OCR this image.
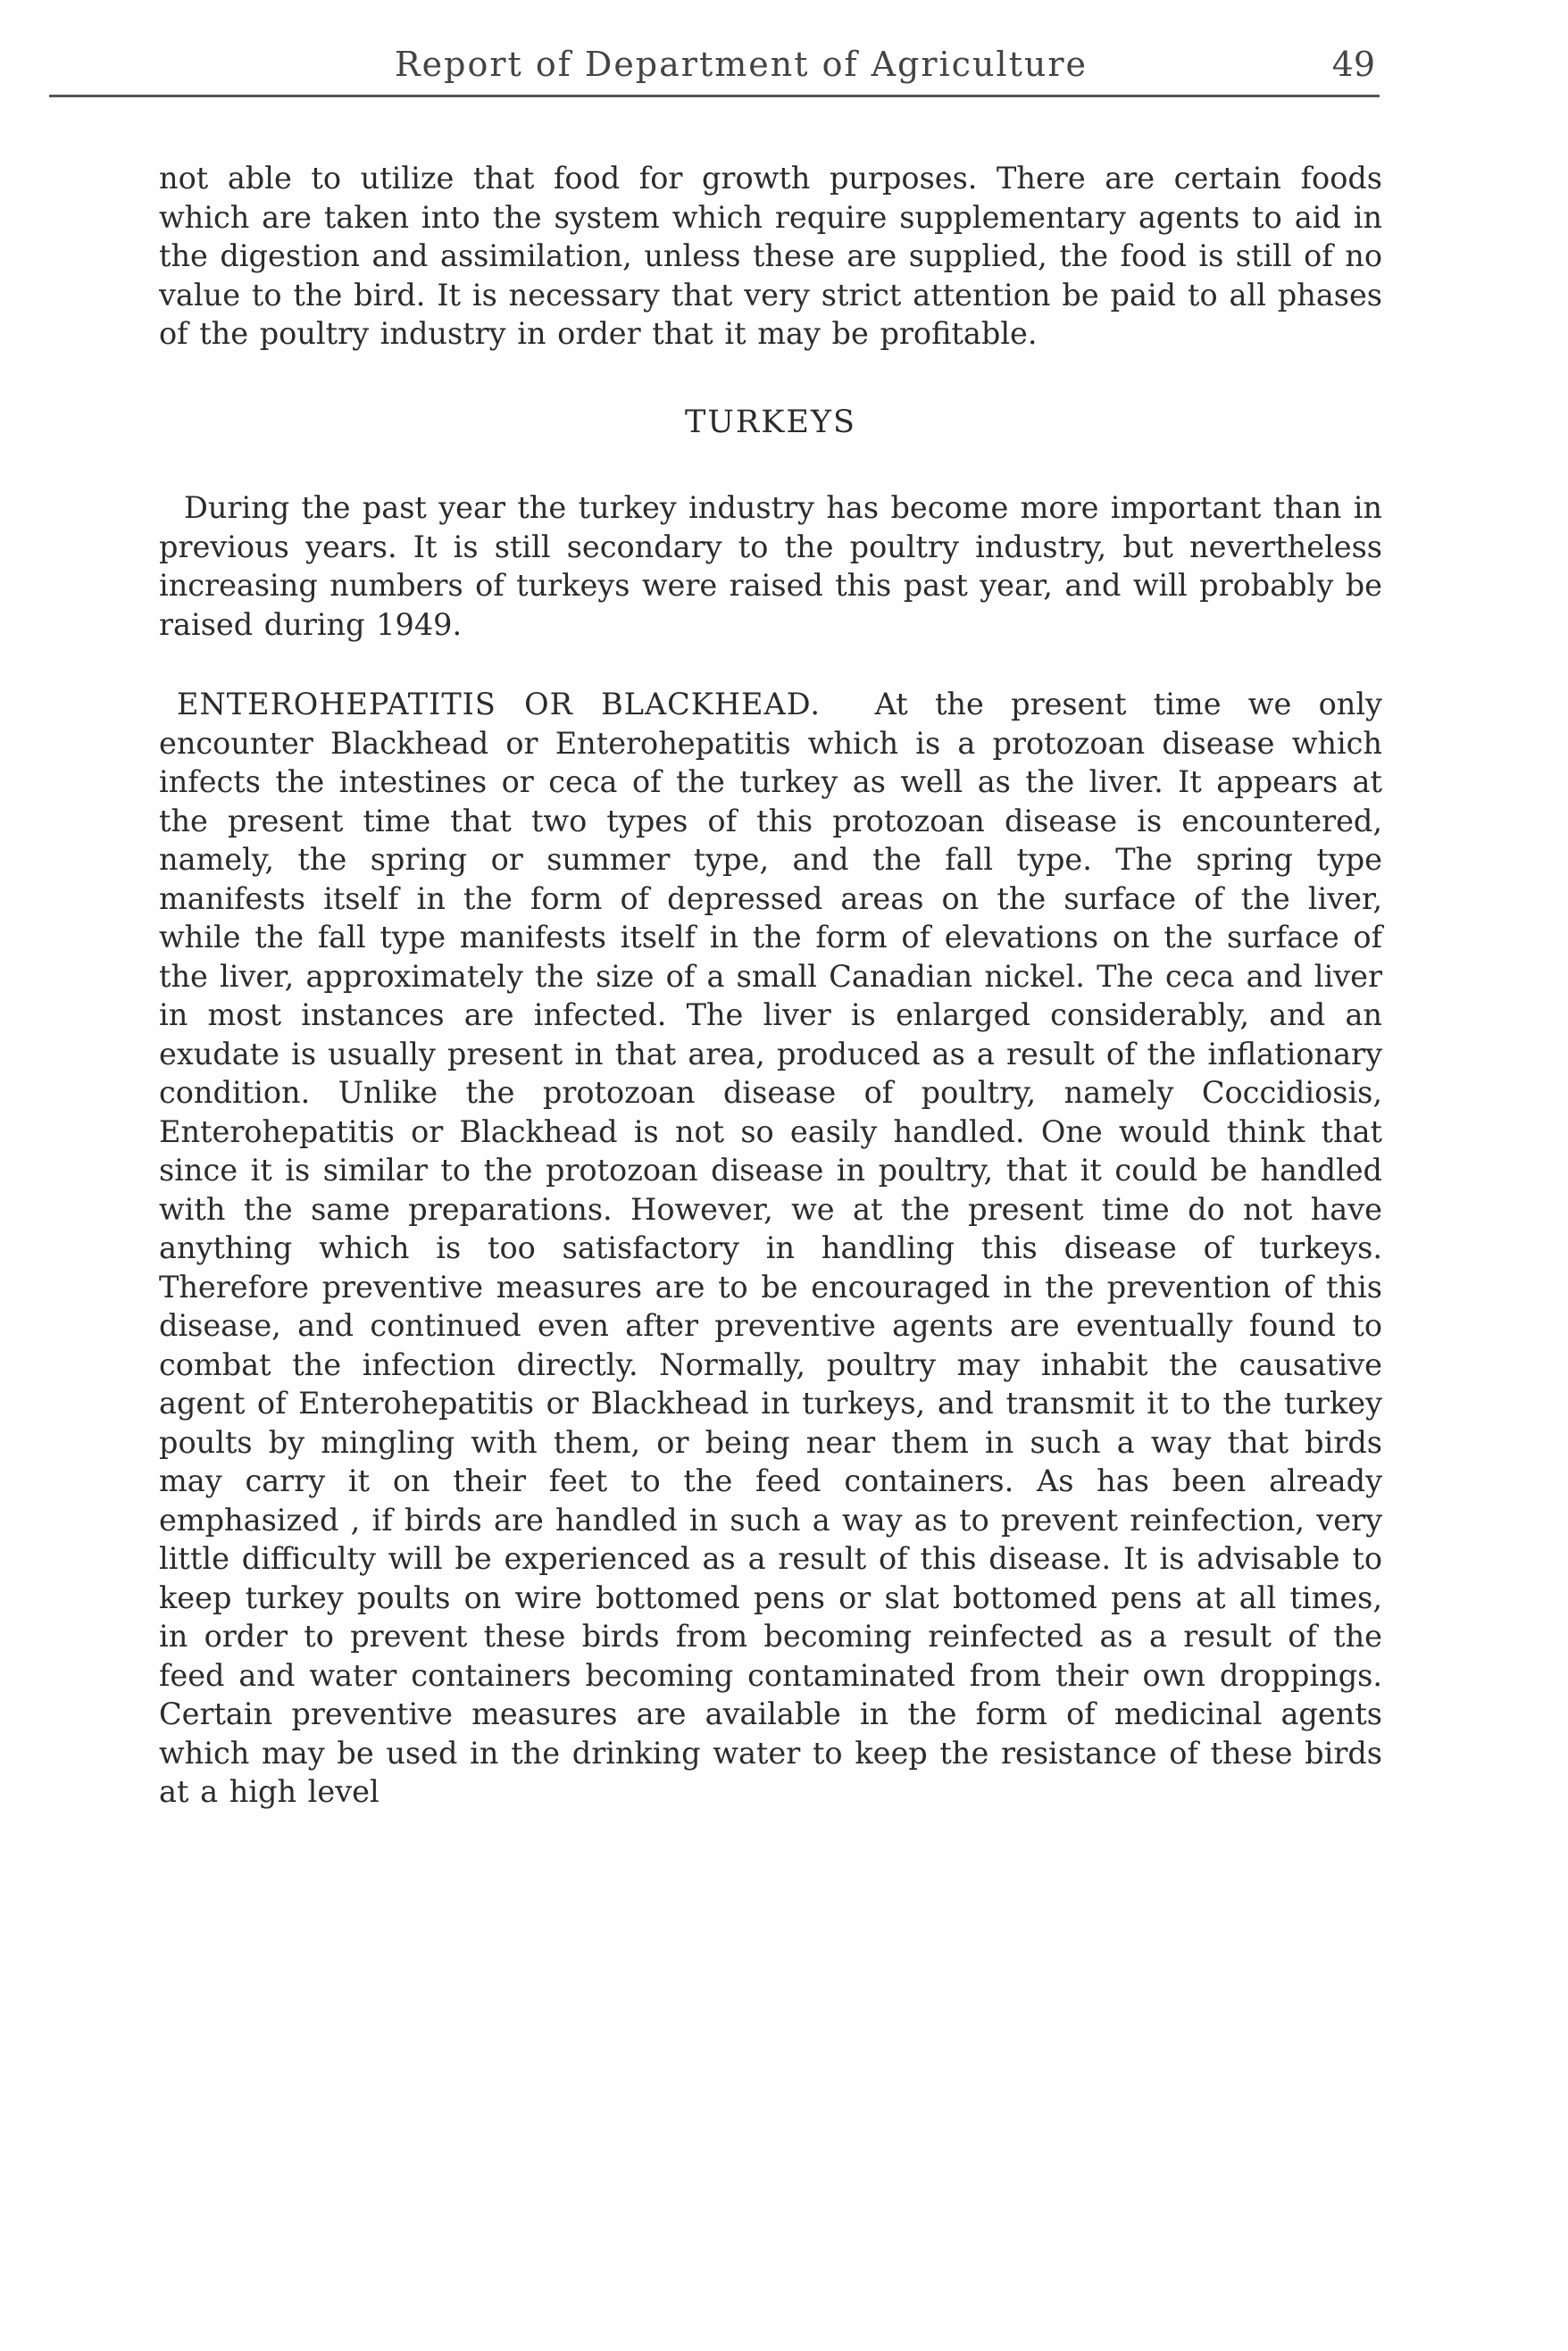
Report of Department of Agriculture	49

not able to utilize that food for growth purposes. There are certain foods which are taken into the system which require supplementary agents to aid in the digestion and assimilation, unless these are supplied, the food is still of no value to the bird. It is necessary that very strict attention be paid to all phases of the poultry industry in order that it may be profitable.

TURKEYS

During the past year the turkey industry has become more important than in previous years. It is still secondary to the poultry industry, but nevertheless increasing numbers of turkeys were raised this past year, and will probably be raised during 1949.

ENTEROHEPATITIS OR BLACKHEAD. At the present time we only encounter Blackhead or Enterohepatitis which is a protozoan disease which infects the intestines or ceca of the turkey as well as the liver. It appears at the present time that two types of this protozoan disease is encountered, namely, the spring or summer type, and the fall type. The spring type manifests itself in the form of depressed areas on the surface of the liver, while the fall type manifests itself in the form of elevations on the surface of the liver, approximately the size of a small Canadian nickel. The ceca and liver in most instances are infected. The liver is enlarged considerably, and an exudate is usually present in that area, produced as a result of the inflationary condition. Unlike the protozoan disease of poultry, namely Coccidiosis, Enterohepatitis or Blackhead is not so easily handled. One would think that since it is similar to the protozoan disease in poultry, that it could be handled with the same preparations. However, we at the present time do not have anything which is too satisfactory in handling this disease of turkeys. Therefore preventive measures are to be encouraged in the prevention of this disease, and continued even after preventive agents are eventually found to combat the infection directly. Normally, poultry may inhabit the causative agent of Enterohepatitis or Blackhead in turkeys, and transmit it to the turkey poults by mingling with them, or being near them in such a way that birds may carry it on their feet to the feed containers. As has been already emphasized , if birds are handled in such a way as to prevent reinfection, very little difficulty will be experienced as a result of this disease. It is advisable to keep turkey poults on wire bottomed pens or slat bottomed pens at all times, in order to prevent these birds from becoming reinfected as a result of the feed and water containers becoming contaminated from their own droppings. Certain preventive measures are available in the form of medicinal agents which may be used in the drinking water to keep the resistance of these birds at a high level
